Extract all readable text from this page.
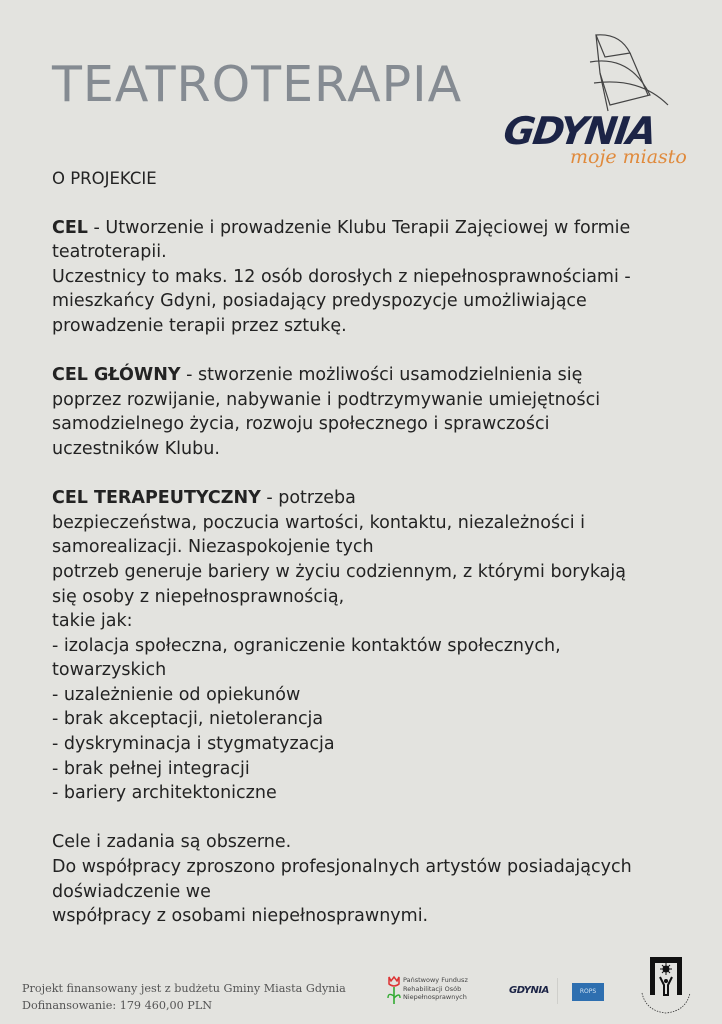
TEATROTERAPIA
GDYNIA
moje miasto

O PROJEKCIE

CEL - Utworzenie i prowadzenie Klubu Terapii Zajęciowej w formie teatroterapii.

Uczestnicy to maks. 12 osób dorosłych z niepełnosprawnościami - mieszkańcy Gdyni, posiadający predyspozycje umożliwiające prowadzenie terapii przez sztukę.

CEL GŁÓWNY - stworzenie możliwości usamodzielnienia się poprzez rozwijanie, nabywanie i podtrzymywanie umiejętności samodzielnego życia, rozwoju społecznego i sprawczości uczestników Klubu.

CEL TERAPEUTYCZNY - potrzeba

bezpieczeństwa, poczucia wartości, kontaktu, niezależności i samorealizacji. Niezaspokojenie tych

potrzeb generuje bariery w życiu codziennym, z którymi borykają się osoby z niepełnosprawnością,

takie jak:

- izolacja społeczna, ograniczenie kontaktów społecznych, towarzyskich

- uzależnienie od opiekunów

- brak akceptacji, nietolerancja

- dyskryminacja i stygmatyzacja

- brak pełnej integracji

- bariery architektoniczne

Cele i zadania są obszerne.

Do współpracy zproszono profesjonalnych artystów posiadających doświadczenie we

współpracy z osobami niepełnosprawnymi.

Projekt finansowany jest z budżetu Gminy Miasta Gdynia
Dofinansowanie: 179 460,00 PLN
Państwowy Fundusz
Rehabilitacji Osób
Niepełnosprawnych
GDYNIA	ROPS
